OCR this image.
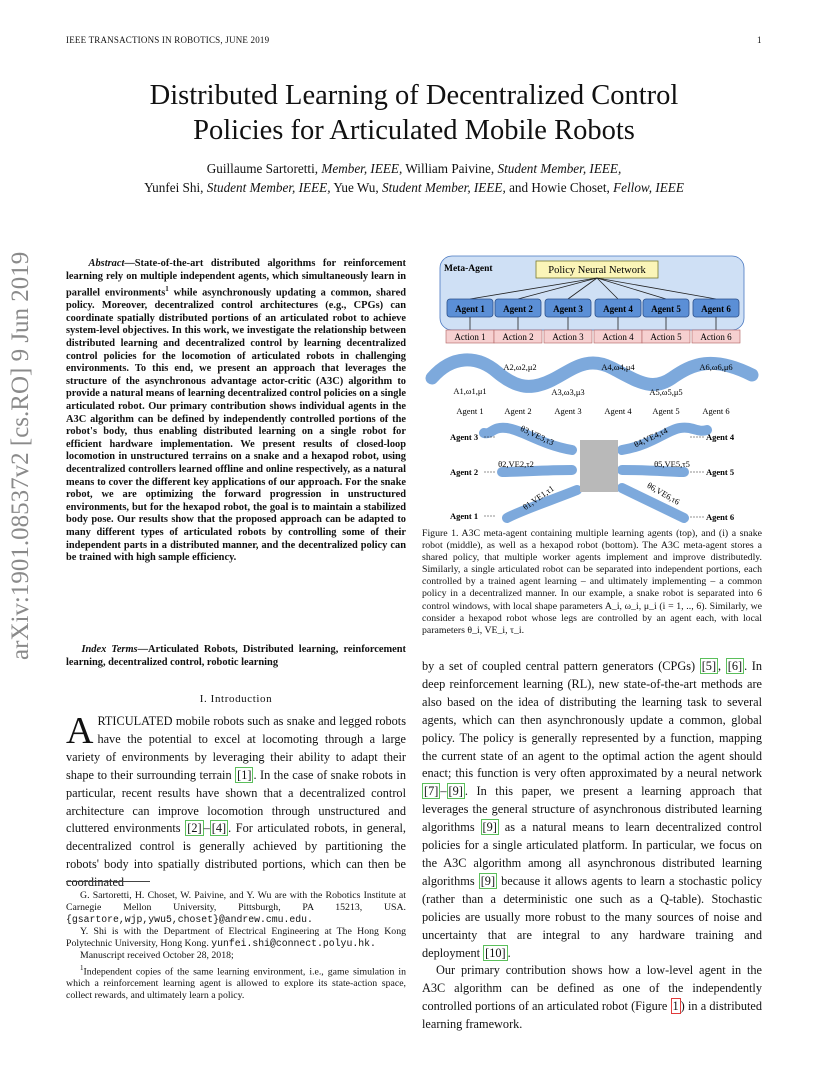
IEEE TRANSACTIONS IN ROBOTICS, JUNE 2019	1
Distributed Learning of Decentralized Control
Policies for Articulated Mobile Robots
Guillaume Sartoretti, Member, IEEE, William Paivine, Student Member, IEEE,
Yunfei Shi, Student Member, IEEE, Yue Wu, Student Member, IEEE, and Howie Choset, Fellow, IEEE
arXiv:1901.08537v2 [cs.RO] 9 Jun 2019	Abstract—State-of-the-art distributed algorithms for reinforcement learning rely on multiple independent agents, which simultaneously learn in parallel environments$^1$ while asynchronously updating a common, shared policy. Moreover, decentralized control architectures (e.g., CPGs) can coordinate spatially distributed portions of an articulated robot to achieve system-level objectives. In this work, we investigate the relationship between distributed learning and decentralized control by learning decentralized control policies for the locomotion of articulated robots in challenging environments. To this end, we present an approach that leverages the structure of the asynchronous advantage actor-critic (A3C) algorithm to provide a natural means of learning decentralized control policies on a single articulated robot. Our primary contribution shows individual agents in the A3C algorithm can be defined by independently controlled portions of the robot's body, thus enabling distributed learning on a single robot for efficient hardware implementation. We present results of closed-loop locomotion in unstructured terrains on a snake and a hexapod robot, using decentralized controllers learned offline and online respectively, as a natural means to cover the different key applications of our approach. For the snake robot, we are optimizing the forward progression in unstructured environments, but for the hexapod robot, the goal is to maintain a stabilized body pose. Our results show that the proposed approach can be adapted to many different types of articulated robots by controlling some of their independent parts in a distributed manner, and the decentralized policy can be trained with high sample efficiency.
Index Terms—Articulated Robots, Distributed learning, reinforcement learning, decentralized control, robotic learning
I. Introduction
ARTICULATED mobile robots such as snake and legged robots have the potential to excel at locomoting through a large variety of environments by leveraging their ability to adapt their shape to their surrounding terrain [1] . In the case of snake robots in particular, recent results have shown that a decentralized control architecture can improve locomotion through unstructured and cluttered environments [2] – [4] . For articulated robots, in general, decentralized control is generally achieved by partitioning the robots' body into spatially distributed portions, which can then be coordinated

G. Sartoretti, H. Choset, W. Paivine, and Y. Wu are with the Robotics Institute at Carnegie Mellon University, Pittsburgh, PA 15213, USA. {gsartore,wjp,ywu5,choset}@andrew.cmu.edu.

Y. Shi is with the Department of Electrical Engineering at The Hong Kong Polytechnic University, Hong Kong. yunfei.shi@connect.polyu.hk.

Manuscript received October 28, 2018;

$^1$Independent copies of the same learning environment, i.e., game simulation in which a reinforcement learning agent is allowed to explore its state-action space, collect rewards, and ultimately learn a policy.

Meta-Agent	Policy Neural Network
Agent 1 Agent 2 Agent 3 Agent 4 Agent 5 Agent 6
Action 1 Action 2 Action 3 Action 4 Action 5 Action 6
A1,ω1,μ1
A2,ω2,μ2
A3,ω3,μ3
A4,ω4,μ4
A5,ω5,μ5
A6,ω6,μ6
Agent 1 Agent 2	Agent 3	Agent 4 Agent 5	Agent 6
Agent 3
Agent 2
Agent 1
Agent 4
Agent 5
Agent 6
θ1,VE1,τ1
θ2,VE2,τ2
θ3,VE3,τ3	θ4,VE4,τ4
θ5,VE5,τ5
θ6,VE6,τ6
Figure 1. A3C meta-agent containing multiple learning agents (top), and (i) a snake robot (middle), as well as a hexapod robot (bottom). The A3C meta-agent stores a shared policy, that multiple worker agents implement and improve distributedly. Similarly, a single articulated robot can be separated into independent portions, each controlled by a trained agent learning – and ultimately implementing – a common policy in a decentralized manner. In our example, a snake robot is separated into 6 control windows, with local shape parameters A_i, ω_i, μ_i (i = 1, .., 6). Similarly, we consider a hexapod robot whose legs are controlled by an agent each, with local parameters θ_i, VE_i, τ_i.

by a set of coupled central pattern generators (CPGs) [5] , [6] . In deep reinforcement learning (RL), new state-of-the-art methods are also based on the idea of distributing the learning task to several agents, which can then asynchronously update a common, global policy. The policy is generally represented by a function, mapping the current state of an agent to the optimal action the agent should enact; this function is very often approximated by a neural network [7] – [9] . In this paper, we present a learning approach that leverages the general structure of asynchronous distributed learning algorithms [9] as a natural means to learn decentralized control policies for a single articulated platform. In particular, we focus on the A3C algorithm among all asynchronous distributed learning algorithms [9] because it allows agents to learn a stochastic policy (rather than a deterministic one such as a Q-table). Stochastic policies are usually more robust to the many sources of noise and uncertainty that are integral to any hardware training and deployment [10] .

Our primary contribution shows how a low-level agent in the A3C algorithm can be defined as one of the independently controlled portions of an articulated robot (Figure 1 ) in a distributed learning framework.
